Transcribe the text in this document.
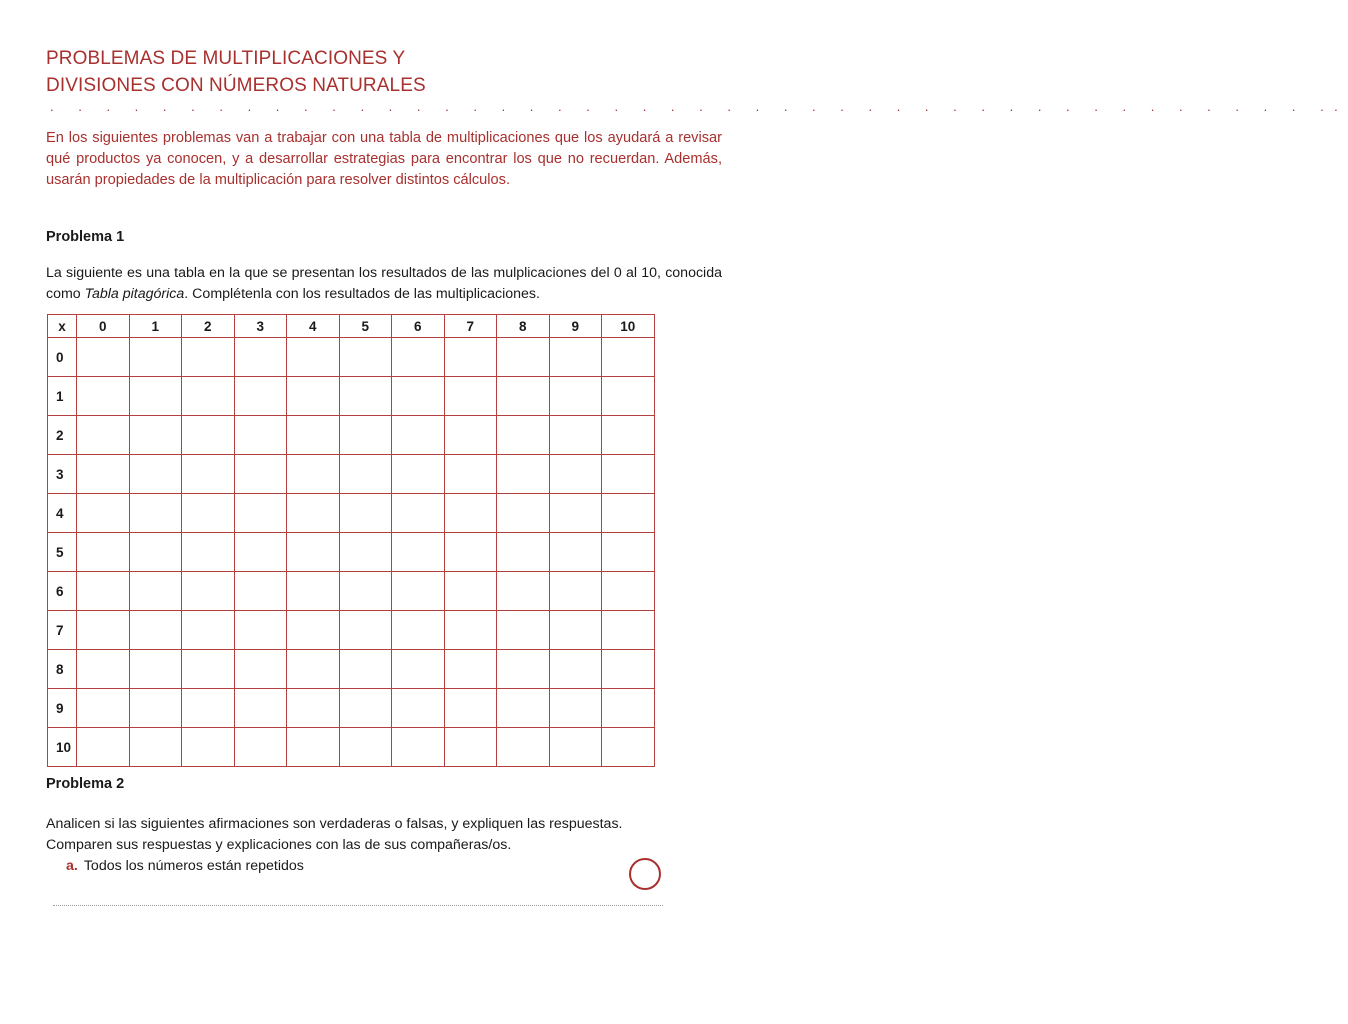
PROBLEMAS DE MULTIPLICACIONES Y
DIVISIONES CON NÚMEROS NATURALES
. . . . . . . . . . . . . . . . . . . . . . . . . . . . . . . . . . . . . . . . . . . . . ..

En los siguientes problemas van a trabajar con una tabla de multiplicaciones que los ayudará a revisar qué productos ya conocen, y a desarrollar estrategias para encontrar los que no recuerdan. Además, usarán propiedades de la multiplicación para resolver distintos cálculos.

Problema 1

La siguiente es una tabla en la que se presentan los resultados de las mulplicaciones del 0 al 10, conocida como Tabla pitagórica. Complétenla con los resultados de las multiplicaciones.

x	0	1	2	3	4	5	6	7	8	9	10
0											
1											
2											
3											
4											
5											
6											
7											
8											
9											
10											
Problema 2
Analicen si las siguientes afirmaciones son verdaderas o falsas, y expliquen las respuestas.
Comparen sus respuestas y explicaciones con las de sus compañeras/os.
a. Todos los números están repetidos
